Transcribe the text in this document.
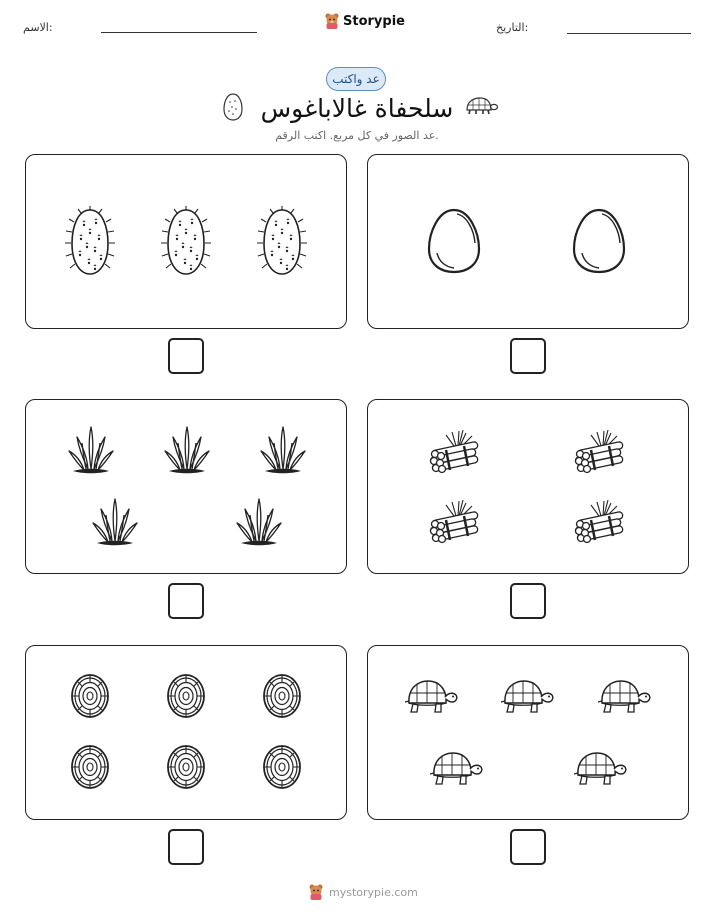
الاسم:	Storypie	التاريخ:
عد واكتب
سلحفاة غالاباغوس
عد الصور في كل مربع. اكتب الرقم.
mystorypie.com
